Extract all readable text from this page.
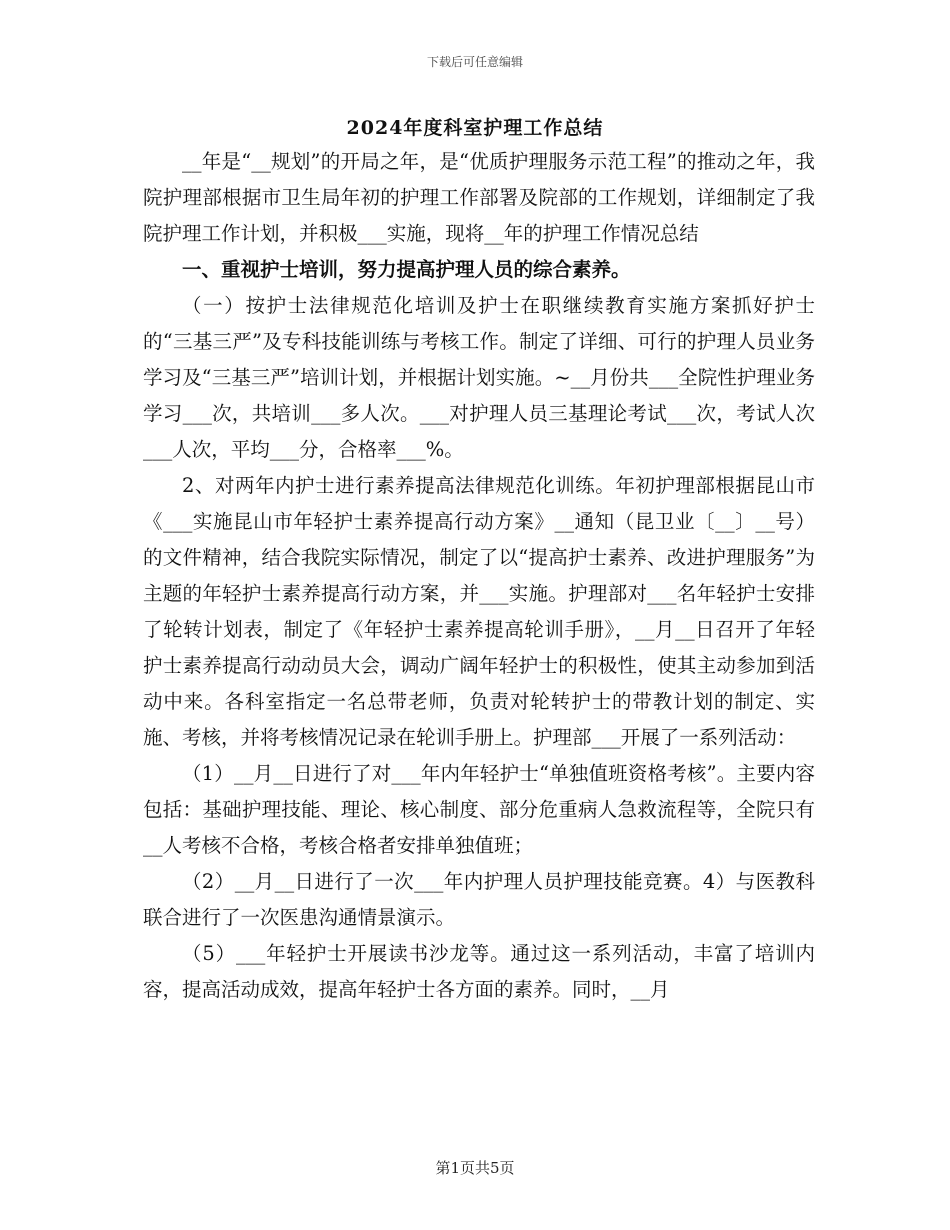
下载后可任意编辑
2024年度科室护理工作总结

__年是“__规划”的开局之年，是“优质护理服务示范工程”的推动之年，我院护理部根据市卫生局年初的护理工作部署及院部的工作规划，详细制定了我院护理工作计划，并积极___实施，现将__年的护理工作情况总结

一、重视护士培训，努力提高护理人员的综合素养。

（一）按护士法律规范化培训及护士在职继续教育实施方案抓好护士的“三基三严”及专科技能训练与考核工作。制定了详细、可行的护理人员业务学习及“三基三严”培训计划，并根据计划实施。~__月份共___全院性护理业务学习___次，共培训___多人次。___对护理人员三基理论考试___次，考试人次___人次，平均___分，合格率___%。

2、对两年内护士进行素养提高法律规范化训练。年初护理部根据昆山市《___实施昆山市年轻护士素养提高行动方案》__通知（昆卫业〔__〕__号）的文件精神，结合我院实际情况，制定了以“提高护士素养、改进护理服务”为主题的年轻护士素养提高行动方案，并___实施。护理部对___名年轻护士安排了轮转计划表，制定了《年轻护士素养提高轮训手册》，__月__日召开了年轻护士素养提高行动动员大会，调动广阔年轻护士的积极性，使其主动参加到活动中来。各科室指定一名总带老师，负责对轮转护士的带教计划的制定、实施、考核，并将考核情况记录在轮训手册上。护理部___开展了一系列活动：

（1）__月__日进行了对___年内年轻护士“单独值班资格考核”。主要内容包括：基础护理技能、理论、核心制度、部分危重病人急救流程等，全院只有__人考核不合格，考核合格者安排单独值班；

（2）__月__日进行了一次___年内护理人员护理技能竞赛。4）与医教科联合进行了一次医患沟通情景演示。

（5）___年轻护士开展读书沙龙等。通过这一系列活动，丰富了培训内容，提高活动成效，提高年轻护士各方面的素养。同时，__月

第1页共5页
